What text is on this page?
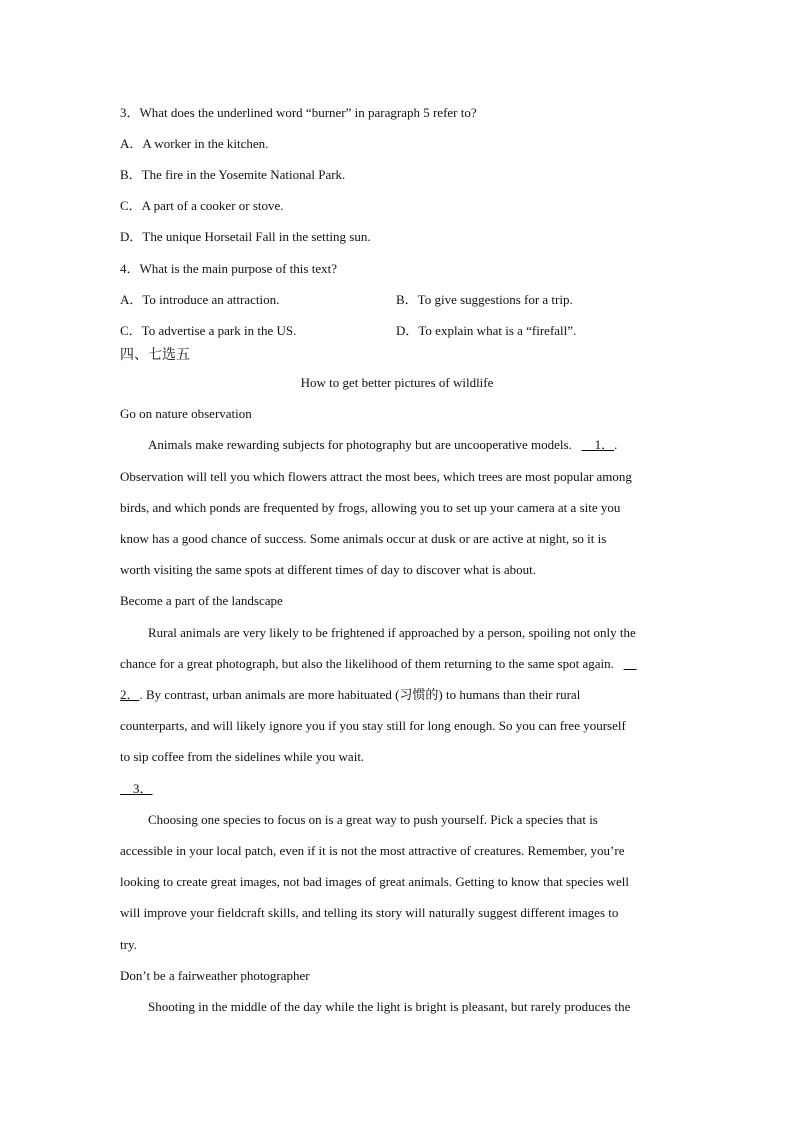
3．What does the underlined word “burner” in paragraph 5 refer to?
A．A worker in the kitchen.
B．The fire in the Yosemite National Park.
C．A part of a cooker or stove.
D．The unique Horsetail Fall in the setting sun.
4．What is the main purpose of this text?
A．To introduce an attraction.	B．To give suggestions for a trip.
C．To advertise a park in the US.	D．To explain what is a “firefall”.
四、七选五
How to get better pictures of wildlife
Go on nature observation
Animals make rewarding subjects for photography but are uncooperative models.   　1．.
Observation will tell you which flowers attract the most bees, which trees are most popular among
birds, and which ponds are frequented by frogs, allowing you to set up your camera at a site you
know has a good chance of success. Some animals occur at dusk or are active at night, so it is
worth visiting the same spots at different times of day to discover what is about.
Become a part of the landscape
Rural animals are very likely to be frightened if approached by a person, spoiling not only the
chance for a great photograph, but also the likelihood of them returning to the same spot again.   　
2．. By contrast, urban animals are more habituated (习惯的) to humans than their rural
counterparts, and will likely ignore you if you stay still for long enough. So you can free yourself
to sip coffee from the sidelines while you wait.
　3．
Choosing one species to focus on is a great way to push yourself. Pick a species that is
accessible in your local patch, even if it is not the most attractive of creatures. Remember, you’re
looking to create great images, not bad images of great animals. Getting to know that species well
will improve your fieldcraft skills, and telling its story will naturally suggest different images to
try.
Don’t be a fairweather photographer
Shooting in the middle of the day while the light is bright is pleasant, but rarely produces the
